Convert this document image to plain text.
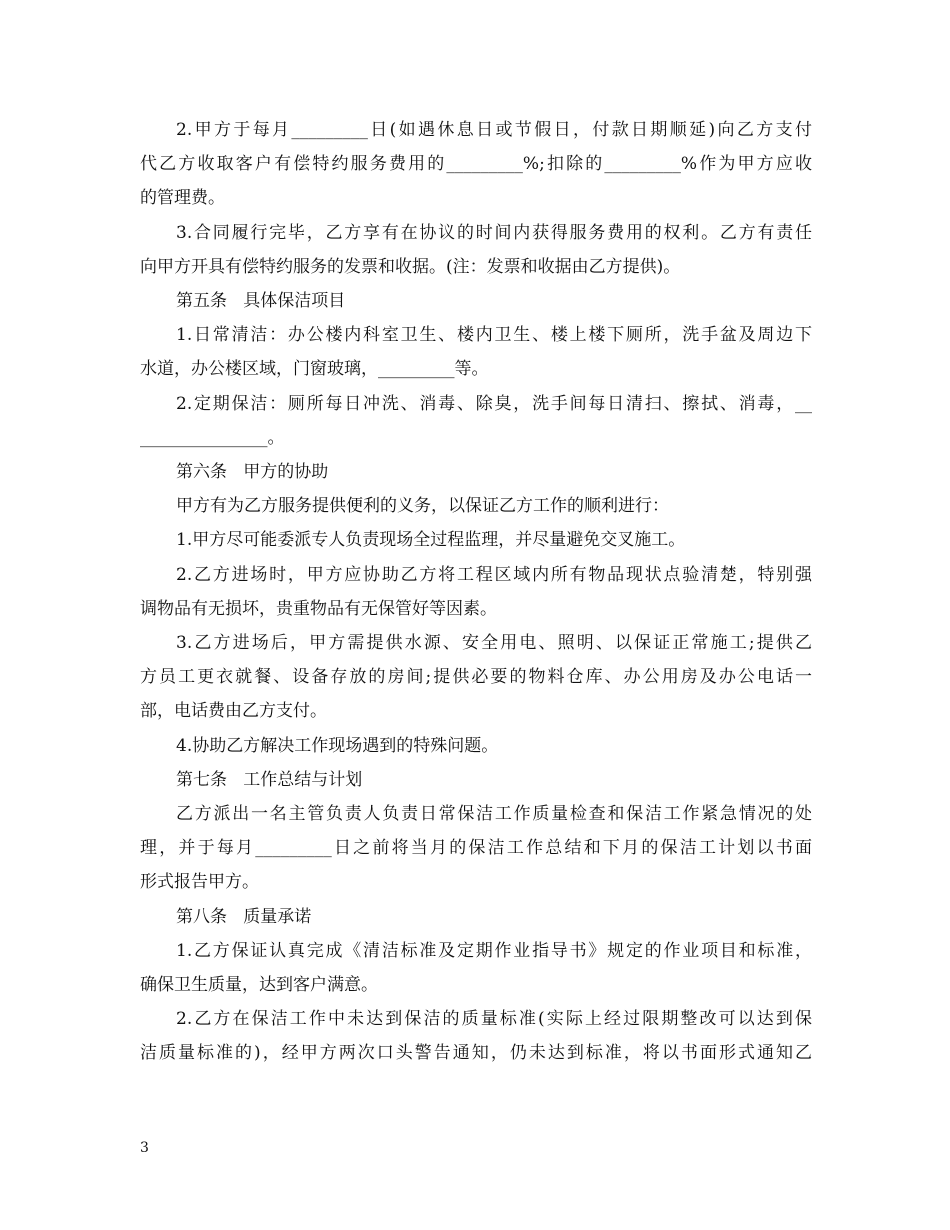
2.甲方于每月_________日(如遇休息日或节假日，付款日期顺延)向乙方支付
代乙方收取客户有偿特约服务费用的_________%;扣除的_________%作为甲方应收
的管理费。
3.合同履行完毕，乙方享有在协议的时间内获得服务费用的权利。乙方有责任
向甲方开具有偿特约服务的发票和收据。(注：发票和收据由乙方提供)。
第五条   具体保洁项目
1.日常清洁：办公楼内科室卫生、楼内卫生、楼上楼下厕所，洗手盆及周边下
水道，办公楼区域，门窗玻璃，_________等。
2.定期保洁：厕所每日冲洗、消毒、除臭，洗手间每日清扫、擦拭、消毒，__
_______________。
第六条   甲方的协助
甲方有为乙方服务提供便利的义务，以保证乙方工作的顺利进行：
1.甲方尽可能委派专人负责现场全过程监理，并尽量避免交叉施工。
2.乙方进场时，甲方应协助乙方将工程区域内所有物品现状点验清楚，特别强
调物品有无损坏，贵重物品有无保管好等因素。
3.乙方进场后，甲方需提供水源、安全用电、照明、以保证正常施工;提供乙
方员工更衣就餐、设备存放的房间;提供必要的物料仓库、办公用房及办公电话一
部，电话费由乙方支付。
4.协助乙方解决工作现场遇到的特殊问题。
第七条   工作总结与计划
乙方派出一名主管负责人负责日常保洁工作质量检查和保洁工作紧急情况的处
理，并于每月_________日之前将当月的保洁工作总结和下月的保洁工计划以书面
形式报告甲方。
第八条   质量承诺
1.乙方保证认真完成《清洁标准及定期作业指导书》规定的作业项目和标准，
确保卫生质量，达到客户满意。
2.乙方在保洁工作中未达到保洁的质量标准(实际上经过限期整改可以达到保
洁质量标准的)，经甲方两次口头警告通知，仍未达到标准，将以书面形式通知乙
3
